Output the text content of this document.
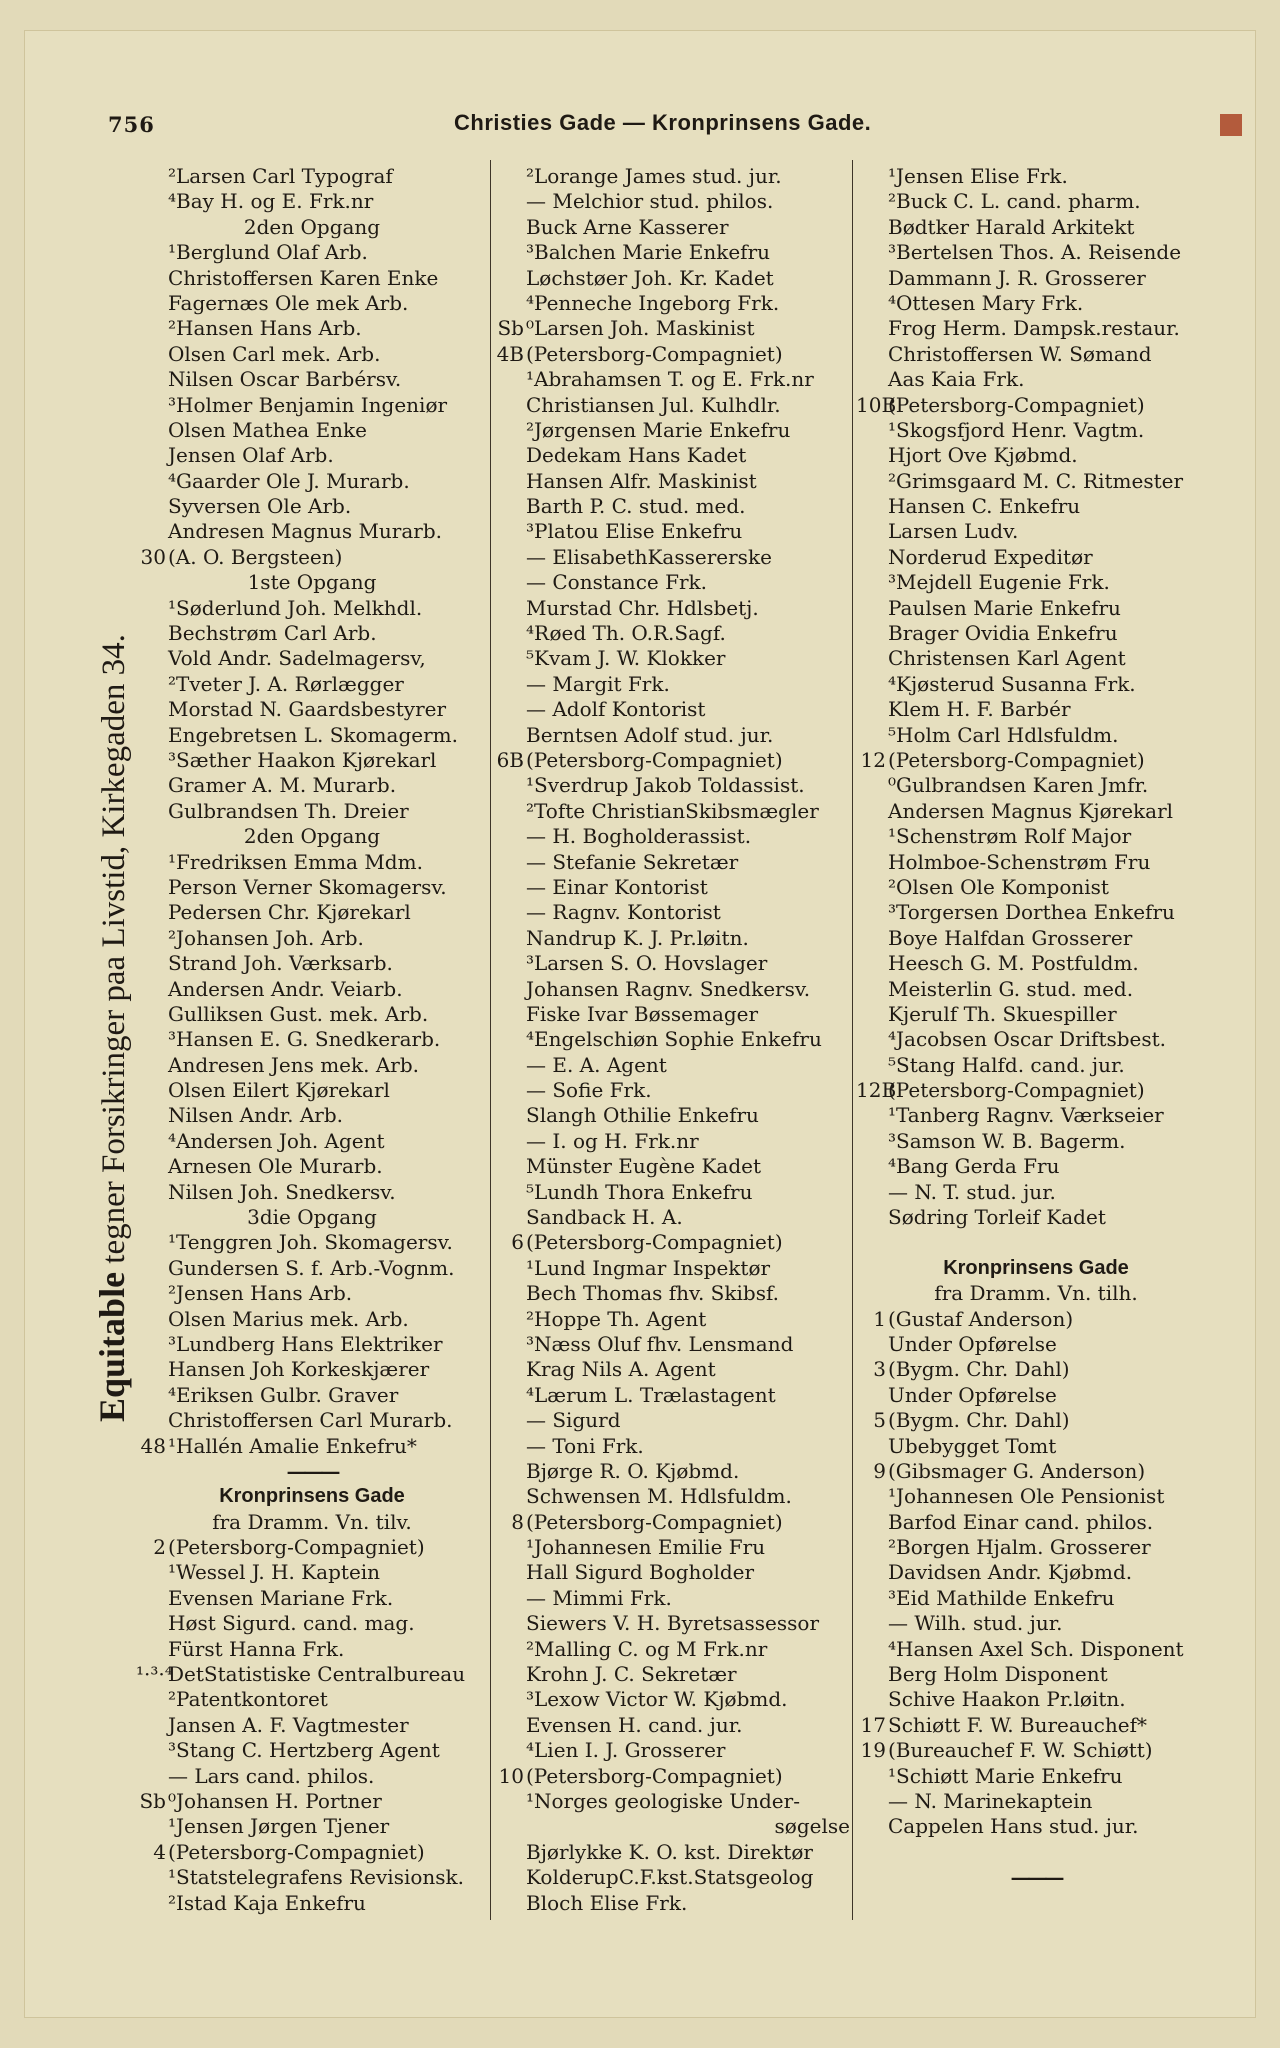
756	Christies Gade — Kronprinsens Gade.
Equitable tegner Forsikringer paa Livstid, Kirkegaden 34.
²Larsen Carl Typograf
⁴Bay H. og E. Frk.nr
2den Opgang
¹Berglund Olaf Arb.
Christoffersen Karen Enke
Fagernæs Ole mek Arb.
²Hansen Hans Arb.
Olsen Carl mek. Arb.
Nilsen Oscar Barbérsv.
³Holmer Benjamin Ingeniør
Olsen Mathea Enke
Jensen Olaf Arb.
⁴Gaarder Ole J. Murarb.
Syversen Ole Arb.
Andresen Magnus Murarb.
30 (A. O. Bergsteen)
1ste Opgang
¹Søderlund Joh. Melkhdl.
Bechstrøm Carl Arb.
Vold Andr. Sadelmagersv,
²Tveter J. A. Rørlægger
Morstad N. Gaardsbestyrer
Engebretsen L. Skomagerm.
³Sæther Haakon Kjørekarl
Gramer A. M. Murarb.
Gulbrandsen Th. Dreier
2den Opgang
¹Fredriksen Emma Mdm.
Person Verner Skomagersv.
Pedersen Chr. Kjørekarl
²Johansen Joh. Arb.
Strand Joh. Værksarb.
Andersen Andr. Veiarb.
Gulliksen Gust. mek. Arb.
³Hansen E. G. Snedkerarb.
Andresen Jens mek. Arb.
Olsen Eilert Kjørekarl
Nilsen Andr. Arb.
⁴Andersen Joh. Agent
Arnesen Ole Murarb.
Nilsen Joh. Snedkersv.
3die Opgang
¹Tenggren Joh. Skomagersv.
Gundersen S. f. Arb.-Vognm.
²Jensen Hans Arb.
Olsen Marius mek. Arb.
³Lundberg Hans Elektriker
Hansen Joh Korkeskjærer
⁴Eriksen Gulbr. Graver
Christoffersen Carl Murarb.
48 ¹Hallén Amalie Enkefru*
———
Kronprinsens Gade
fra Dramm. Vn. tilv.
2 (Petersborg-Compagniet)
¹Wessel J. H. Kaptein
Evensen Mariane Frk.
Høst Sigurd. cand. mag.
Fürst Hanna Frk.
¹·³·⁴
DetStatistiske Centralbureau
²Patentkontoret
Jansen A. F. Vagtmester
³Stang C. Hertzberg Agent
— Lars cand. philos.
Sb ⁰Johansen H. Portner
¹Jensen Jørgen Tjener
4 (Petersborg-Compagniet)
¹Statstelegrafens Revisionsk.
²Istad Kaja Enkefru
²Lorange James stud. jur.
— Melchior stud. philos.
Buck Arne Kasserer
³Balchen Marie Enkefru
Løchstøer Joh. Kr. Kadet
⁴Penneche Ingeborg Frk.
Sb ⁰Larsen Joh. Maskinist
4B (Petersborg-Compagniet)
¹Abrahamsen T. og E. Frk.nr
Christiansen Jul. Kulhdlr.
²Jørgensen Marie Enkefru
Dedekam Hans Kadet
Hansen Alfr. Maskinist
Barth P. C. stud. med.
³Platou Elise Enkefru
— ElisabethKassererske
— Constance Frk.
Murstad Chr. Hdlsbetj.
⁴Røed Th. O.R.Sagf.
⁵Kvam J. W. Klokker
— Margit Frk.
— Adolf Kontorist
Berntsen Adolf stud. jur.
6B (Petersborg-Compagniet)
¹Sverdrup Jakob Toldassist.
²Tofte ChristianSkibsmægler
— H. Bogholderassist.
— Stefanie Sekretær
— Einar Kontorist
— Ragnv. Kontorist
Nandrup K. J. Pr.løitn.
³Larsen S. O. Hovslager
Johansen Ragnv. Snedkersv.
Fiske Ivar Bøssemager
⁴Engelschiøn Sophie Enkefru
— E. A. Agent
— Sofie Frk.
Slangh Othilie Enkefru
— I. og H. Frk.nr
Münster Eugène Kadet
⁵Lundh Thora Enkefru
Sandback H. A.
6 (Petersborg-Compagniet)
¹Lund Ingmar Inspektør
Bech Thomas fhv. Skibsf.
²Hoppe Th. Agent
³Næss Oluf fhv. Lensmand
Krag Nils A. Agent
⁴Lærum L. Trælastagent
— Sigurd
— Toni Frk.
Bjørge R. O. Kjøbmd.
Schwensen M. Hdlsfuldm.
8 (Petersborg-Compagniet)
¹Johannesen Emilie Fru
Hall Sigurd Bogholder
— Mimmi Frk.
Siewers V. H. Byretsassessor
²Malling C. og M Frk.nr
Krohn J. C. Sekretær
³Lexow Victor W. Kjøbmd.
Evensen H. cand. jur.
⁴Lien I. J. Grosserer
10 (Petersborg-Compagniet)
¹Norges geologiske Under-
søgelse
Bjørlykke K. O. kst. Direktør
KolderupC.F.kst.Statsgeolog
Bloch Elise Frk.
¹Jensen Elise Frk.
²Buck C. L. cand. pharm.
Bødtker Harald Arkitekt
³Bertelsen Thos. A. Reisende
Dammann J. R. Grosserer
⁴Ottesen Mary Frk.
Frog Herm. Dampsk.restaur.
Christoffersen W. Sømand
Aas Kaia Frk.
10B
(Petersborg-Compagniet)
¹Skogsfjord Henr. Vagtm.
Hjort Ove Kjøbmd.
²Grimsgaard M. C. Ritmester
Hansen C. Enkefru
Larsen Ludv.
Norderud Expeditør
³Mejdell Eugenie Frk.
Paulsen Marie Enkefru
Brager Ovidia Enkefru
Christensen Karl Agent
⁴Kjøsterud Susanna Frk.
Klem H. F. Barbér
⁵Holm Carl Hdlsfuldm.
12 (Petersborg-Compagniet)
⁰Gulbrandsen Karen Jmfr.
Andersen Magnus Kjørekarl
¹Schenstrøm Rolf Major
Holmboe-Schenstrøm Fru
²Olsen Ole Komponist
³Torgersen Dorthea Enkefru
Boye Halfdan Grosserer
Heesch G. M. Postfuldm.
Meisterlin G. stud. med.
Kjerulf Th. Skuespiller
⁴Jacobsen Oscar Driftsbest.
⁵Stang Halfd. cand. jur.
12B
(Petersborg-Compagniet)
¹Tanberg Ragnv. Værkseier
³Samson W. B. Bagerm.
⁴Bang Gerda Fru
— N. T. stud. jur.
Sødring Torleif Kadet
Kronprinsens Gade
fra Dramm. Vn. tilh.
1 (Gustaf Anderson)
Under Opførelse
3 (Bygm. Chr. Dahl)
Under Opførelse
5 (Bygm. Chr. Dahl)
Ubebygget Tomt
9 (Gibsmager G. Anderson)
¹Johannesen Ole Pensionist
Barfod Einar cand. philos.
²Borgen Hjalm. Grosserer
Davidsen Andr. Kjøbmd.
³Eid Mathilde Enkefru
— Wilh. stud. jur.
⁴Hansen Axel Sch. Disponent
Berg Holm Disponent
Schive Haakon Pr.løitn.
17 Schiøtt F. W. Bureauchef*
19 (Bureauchef F. W. Schiøtt)
¹Schiøtt Marie Enkefru
— N. Marinekaptein
Cappelen Hans stud. jur.
———
